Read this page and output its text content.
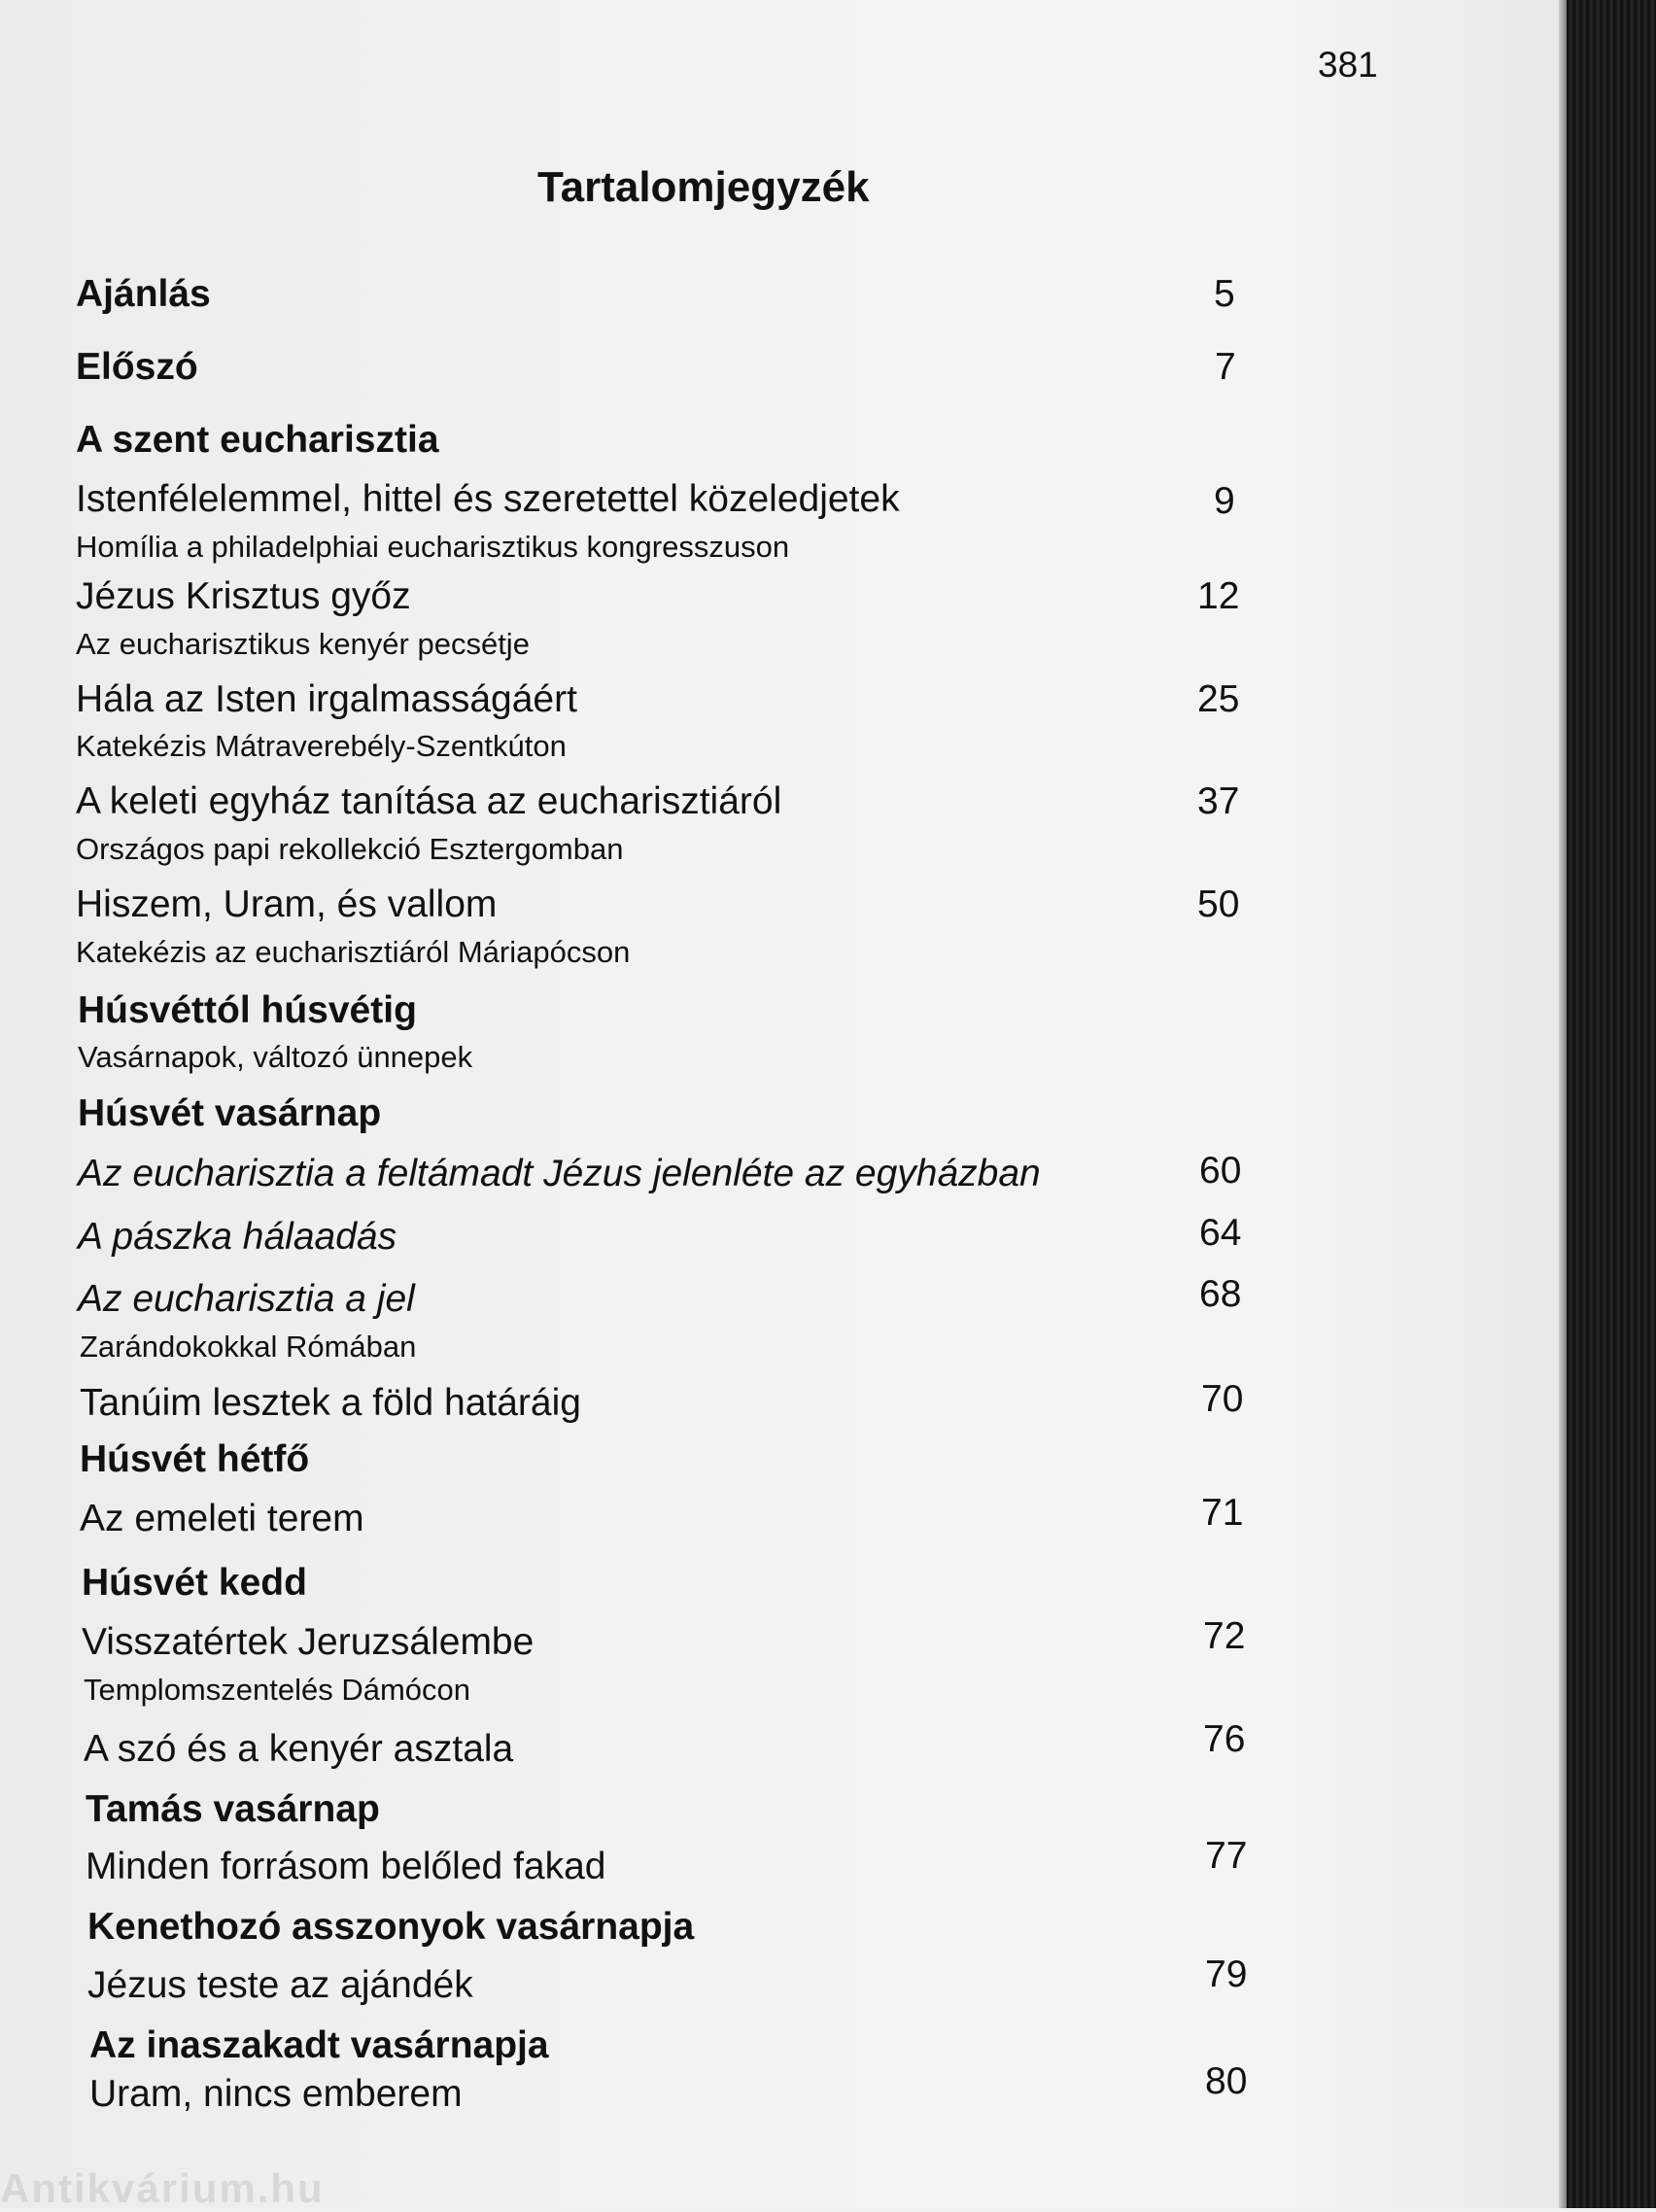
381
Tartalomjegyzék
Ajánlás	5
Előszó	7
A szent eucharisztia
Istenfélelemmel, hittel és szeretettel közeledjetek	9
Homília a philadelphiai eucharisztikus kongresszuson
Jézus Krisztus győz	12
Az eucharisztikus kenyér pecsétje
Hála az Isten irgalmasságáért	25
Katekézis Mátraverebély-Szentkúton
A keleti egyház tanítása az eucharisztiáról	37
Országos papi rekollekció Esztergomban
Hiszem, Uram, és vallom	50
Katekézis az eucharisztiáról Máriapócson
Húsvéttól húsvétig
Vasárnapok, változó ünnepek
Húsvét vasárnap
Az eucharisztia a feltámadt Jézus jelenléte az egyházban	60
A pászka hálaadás	64
Az eucharisztia a jel	68
Zarándokokkal Rómában
Tanúim lesztek a föld határáig	70
Húsvét hétfő
Az emeleti terem	71
Húsvét kedd
Visszatértek Jeruzsálembe	72
Templomszentelés Dámócon
A szó és a kenyér asztala	76
Tamás vasárnap
Minden forrásom belőled fakad	77
Kenethozó asszonyok vasárnapja
Jézus teste az ajándék	79
Az inaszakadt vasárnapja
Uram, nincs emberem	80
Antikvárium.hu
